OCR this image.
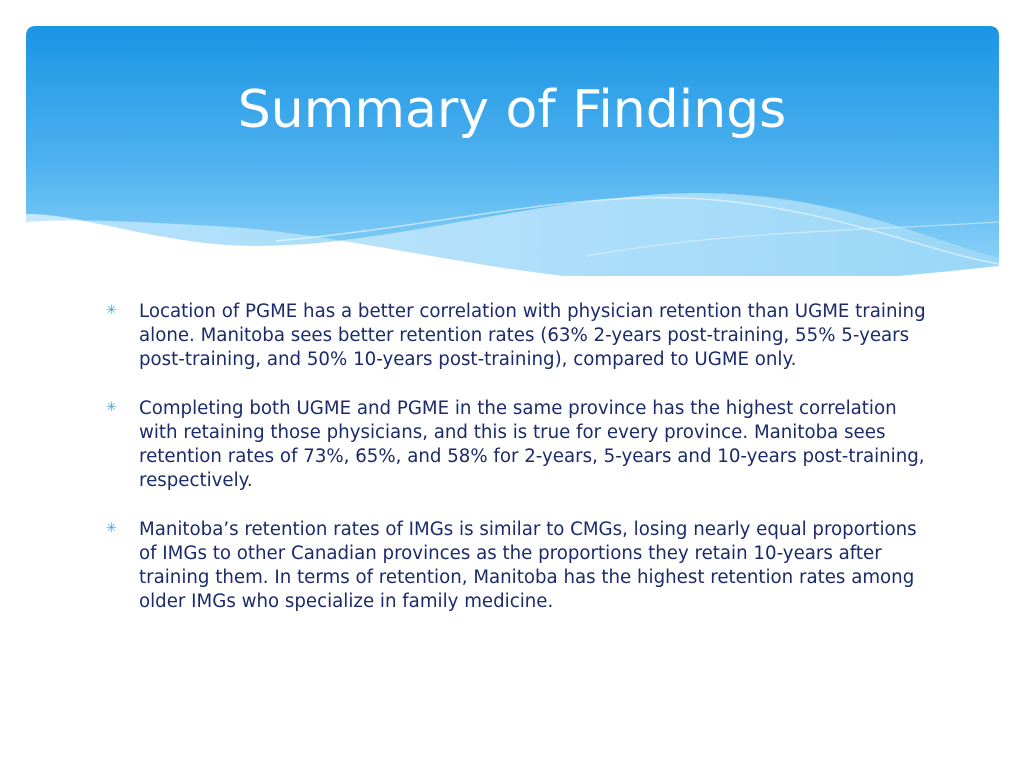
Summary of Findings
✳ Location of PGME has a better correlation with physician retention than UGME training alone. Manitoba sees better retention rates (63% 2-years post-training, 55% 5-years post-training, and 50% 10-years post-training), compared to UGME only.
✳ Completing both UGME and PGME in the same province has the highest correlation with retaining those physicians, and this is true for every province. Manitoba sees retention rates of 73%, 65%, and 58% for 2-years, 5-years and 10-years post-training, respectively.
✳ Manitoba’s retention rates of IMGs is similar to CMGs, losing nearly equal proportions of IMGs to other Canadian provinces as the proportions they retain 10-years after training them. In terms of retention, Manitoba has the highest retention rates among older IMGs who specialize in family medicine.
